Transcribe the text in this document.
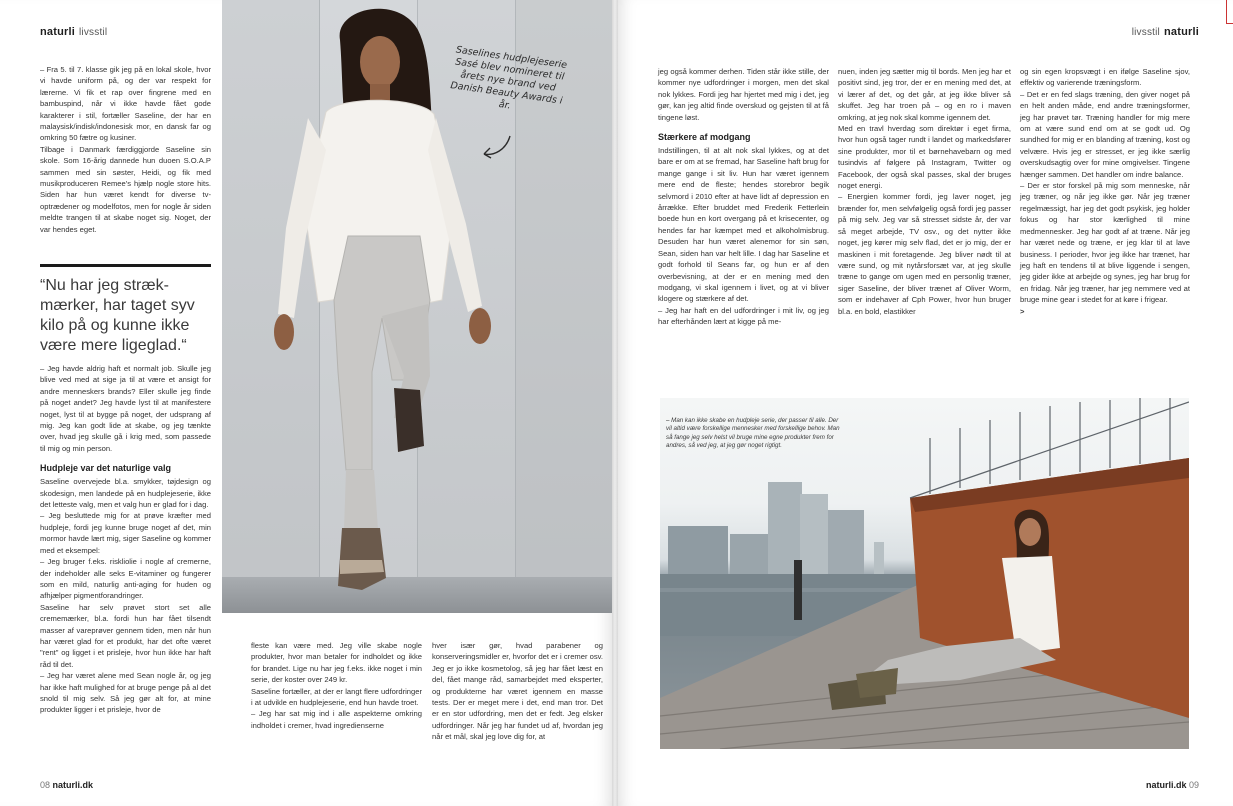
naturli livsstil

– Fra 5. til 7. klasse gik jeg på en lokal skole, hvor vi havde uniform på, og der var respekt for lærerne. Vi fik et rap over fingrene med en bambuspind, når vi ikke havde fået gode karakterer i stil, fortæller Saseline, der har en malaysisk/indisk/indonesisk mor, en dansk far og omkring 50 fætre og kusiner.

Tilbage i Danmark færdiggjorde Saseline sin skole. Som 16-årig dannede hun duoen S.O.A.P sammen med sin søster, Heidi, og fik med musikproduceren Remee's hjælp nogle store hits. Siden har hun været kendt for diverse tv-optrædener og modelfotos, men for nogle år siden meldte trangen til at skabe noget sig. Noget, der var hendes eget.

“Nu har jeg stræk-mærker, har taget syv kilo på og kunne ikke være mere ligeglad.“

– Jeg havde aldrig haft et normalt job. Skulle jeg blive ved med at sige ja til at være et ansigt for andre menneskers brands? Eller skulle jeg finde på noget andet? Jeg havde lyst til at manifestere noget, lyst til at bygge på noget, der udsprang af mig. Jeg kan godt lide at skabe, og jeg tænkte over, hvad jeg skulle gå i krig med, som passede til mig og min person.

Hudpleje var det naturlige valg

Saseline overvejede bl.a. smykker, tøjdesign og skodesign, men landede på en hudplejeserie, ikke det letteste valg, men et valg hun er glad for i dag.

– Jeg besluttede mig for at prøve kræfter med hudpleje, fordi jeg kunne bruge noget af det, min mormor havde lært mig, siger Saseline og kommer med et eksempel:

– Jeg bruger f.eks. riskliolie i nogle af cremerne, der indeholder alle seks E-vitaminer og fungerer som en mild, naturlig anti-aging for huden og afhjælper pigmentforandringer.

Saseline har selv prøvet stort set alle crememærker, bl.a. fordi hun har fået tilsendt masser af vareprøver gennem tiden, men når hun har været glad for et produkt, har det ofte været "rent" og ligget i et prisleje, hvor hun ikke har haft råd til det.

– Jeg har været alene med Sean nogle år, og jeg har ikke haft mulighed for at bruge penge på al det snold til mig selv. Så jeg gør alt for, at mine produkter ligger i et prisleje, hvor de

Saselines hudplejeserie Sasé blev nomineret til årets nye brand ved Danish Beauty Awards i år.

fleste kan være med. Jeg ville skabe nogle produkter, hvor man betaler for indholdet og ikke for brandet. Lige nu har jeg f.eks. ikke noget i min serie, der koster over 249 kr.

Saseline fortæller, at der er langt flere udfordringer i at udvikle en hudplejeserie, end hun havde troet.

– Jeg har sat mig ind i alle aspekterne omkring indholdet i cremer, hvad ingredienserne

hver især gør, hvad parabener og konserveringsmidler er, hvorfor det er i cremer osv. Jeg er jo ikke kosmetolog, så jeg har fået læst en del, fået mange råd, samarbejdet med eksperter, og produkterne har været igennem en masse tests. Der er meget mere i det, end man tror. Det er en stor udfordring, men det er fedt. Jeg elsker udfordringer. Når jeg har fundet ud af, hvordan jeg når et mål, skal jeg love dig for, at

08 naturli.dk
livsstil naturli

jeg også kommer derhen. Tiden står ikke stille, der kommer nye udfordringer i morgen, men det skal nok lykkes. Fordi jeg har hjertet med mig i det, jeg gør, kan jeg altid finde overskud og gejsten til at få tingene løst.

Stærkere af modgang

Indstillingen, til at alt nok skal lykkes, og at det bare er om at se fremad, har Saseline haft brug for mange gange i sit liv. Hun har været igennem mere end de fleste; hendes storebror begik selvmord i 2010 efter at have lidt af depression en årrække. Efter bruddet med Frederik Fetterlein boede hun en kort overgang på et krisecenter, og hendes far har kæmpet med et alkoholmisbrug. Desuden har hun været alenemor for sin søn, Sean, siden han var helt lille. I dag har Saseline et godt forhold til Seans far, og hun er af den overbevisning, at der er en mening med den modgang, vi skal igennem i livet, og at vi bliver klogere og stærkere af det.

– Jeg har haft en del udfordringer i mit liv, og jeg har efterhånden lært at kigge på me-

nuen, inden jeg sætter mig til bords. Men jeg har et positivt sind, jeg tror, der er en mening med det, at vi lærer af det, og det går, at jeg ikke bliver så skuffet. Jeg har troen på – og en ro i maven omkring, at jeg nok skal komme igennem det.

Med en travl hverdag som direktør i eget firma, hvor hun også tager rundt i landet og markedsfører sine produkter, mor til et børnehavebarn og med tusindvis af følgere på Instagram, Twitter og Facebook, der også skal passes, skal der bruges noget energi.

– Energien kommer fordi, jeg laver noget, jeg brænder for, men selvfølgelig også fordi jeg passer på mig selv. Jeg var så stresset sidste år, der var så meget arbejde, TV osv., og det nytter ikke noget, jeg kører mig selv flad, det er jo mig, der er maskinen i mit foretagende. Jeg bliver nødt til at være sund, og mit nytårsforsæt var, at jeg skulle træne to gange om ugen med en personlig træner, siger Saseline, der bliver trænet af Oliver Worm, som er indehaver af Cph Power, hvor hun bruger bl.a. en bold, elastikker

og sin egen kropsvægt i en ifølge Saseline sjov, effektiv og varierende træningsform.

– Det er en fed slags træning, den giver noget på en helt anden måde, end andre træningsformer, jeg har prøvet tør. Træning handler for mig mere om at være sund end om at se godt ud. Og sundhed for mig er en blanding af træning, kost og velvære. Hvis jeg er stresset, er jeg ikke særlig overskudsagtig over for mine omgivelser. Tingene hænger sammen. Det handler om indre balance.

– Der er stor forskel på mig som menneske, når jeg træner, og når jeg ikke gør. Når jeg træner regelmæssigt, har jeg det godt psykisk, jeg holder fokus og har stor kærlighed til mine medmennesker. Jeg har godt af at træne. Når jeg har været nede og træne, er jeg klar til at lave business. I perioder, hvor jeg ikke har trænet, har jeg haft en tendens til at blive liggende i sengen, jeg gider ikke at arbejde og synes, jeg har brug for en fridag. Når jeg træner, har jeg nemmere ved at bruge mine gear i stedet for at køre i frigear.

>
naturli.dk 09
– Man kan ikke skabe en hudpleje serie, der passer til alle. Der vil altid være forskellige mennesker med forskellige behov. Man så fange jeg selv helst vil bruge mine egne produkter frem for andres, så ved jeg, at jeg gør noget rigtigt.
